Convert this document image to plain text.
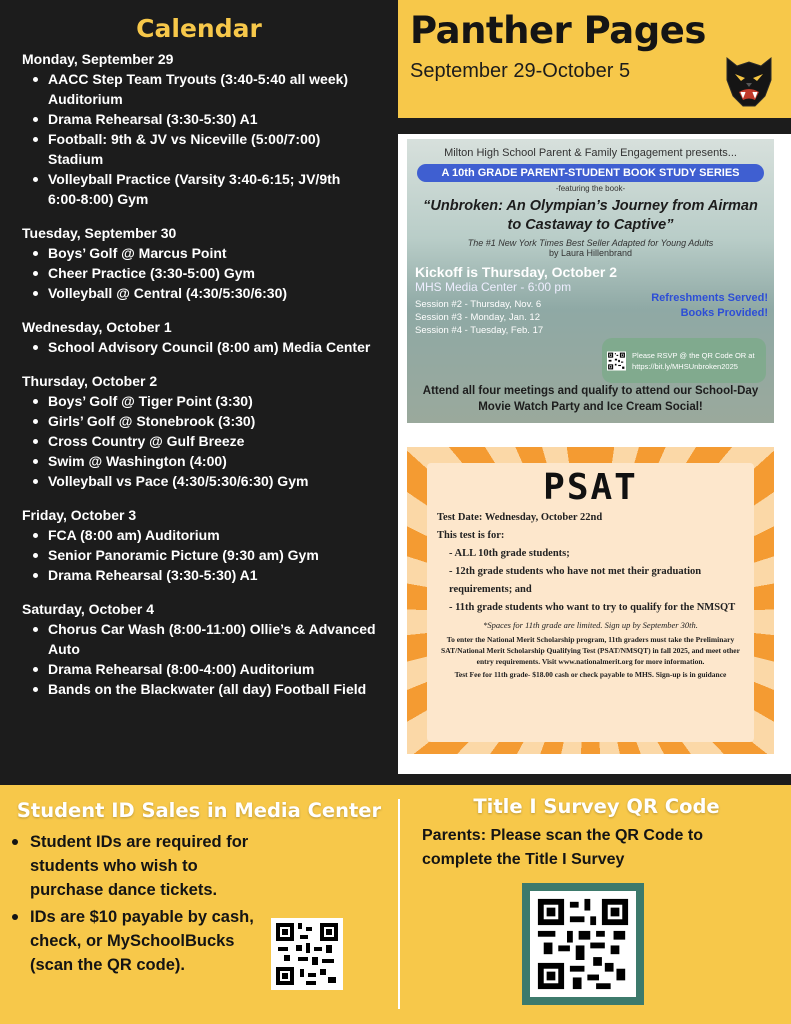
Calendar
Monday, September 29
AACC Step Team Tryouts (3:40-5:40 all week) Auditorium
Drama Rehearsal (3:30-5:30) A1
Football: 9th & JV vs Niceville (5:00/7:00) Stadium
Volleyball Practice (Varsity 3:40-6:15; JV/9th 6:00-8:00) Gym
Tuesday, September 30
Boys’ Golf @ Marcus Point
Cheer Practice (3:30-5:00) Gym
Volleyball @ Central (4:30/5:30/6:30)
Wednesday, October 1
School Advisory Council (8:00 am) Media Center
Thursday, October 2
Boys’ Golf @ Tiger Point (3:30)
Girls’ Golf @ Stonebrook (3:30)
Cross Country @ Gulf Breeze
Swim @ Washington (4:00)
Volleyball vs Pace (4:30/5:30/6:30) Gym
Friday, October 3
FCA (8:00 am) Auditorium
Senior Panoramic Picture (9:30 am) Gym
Drama Rehearsal (3:30-5:30) A1
Saturday, October 4
Chorus Car Wash (8:00-11:00) Ollie’s & Advanced Auto
Drama Rehearsal (8:00-4:00) Auditorium
Bands on the Blackwater (all day) Football Field
Panther Pages
September 29-October 5
Milton High School Parent & Family Engagement presents...
A 10th GRADE PARENT-STUDENT BOOK STUDY SERIES
-featuring the book-
“Unbroken: An Olympian’s Journey from Airman to Castaway to Captive”
The #1 New York Times Best Seller Adapted for Young Adults
by Laura Hillenbrand
Kickoff is Thursday, October 2
MHS Media Center - 6:00 pm
Refreshments Served!
Books Provided!
Session #2 - Thursday, Nov. 6
Session #3 - Monday, Jan. 12
Session #4 - Tuesday, Feb. 17
Please RSVP @ the QR Code OR at https://bit.ly/MHSUnbroken2025
Attend all four meetings and qualify to attend our School-Day Movie Watch Party and Ice Cream Social!
PSAT
Test Date: Wednesday, October 22nd
This test is for:
- ALL 10th grade students;
- 12th grade students who have not met their graduation requirements; and
- 11th grade students who want to try to qualify for the NMSQT
*Spaces for 11th grade are limited. Sign up by September 30th.
To enter the National Merit Scholarship program, 11th graders must take the Preliminary SAT/National Merit Scholarship Qualifying Test (PSAT/NMSQT) in fall 2025, and meet other entry requirements. Visit www.nationalmerit.org for more information.
Test Fee for 11th grade- $18.00 cash or check payable to MHS. Sign-up is in guidance
Student ID Sales in Media Center
Student IDs are required for students who wish to purchase dance tickets.
IDs are $10 payable by cash, check, or MySchoolBucks (scan the QR code).
Title I Survey QR Code

Parents: Please scan the QR Code to complete the Title I Survey
